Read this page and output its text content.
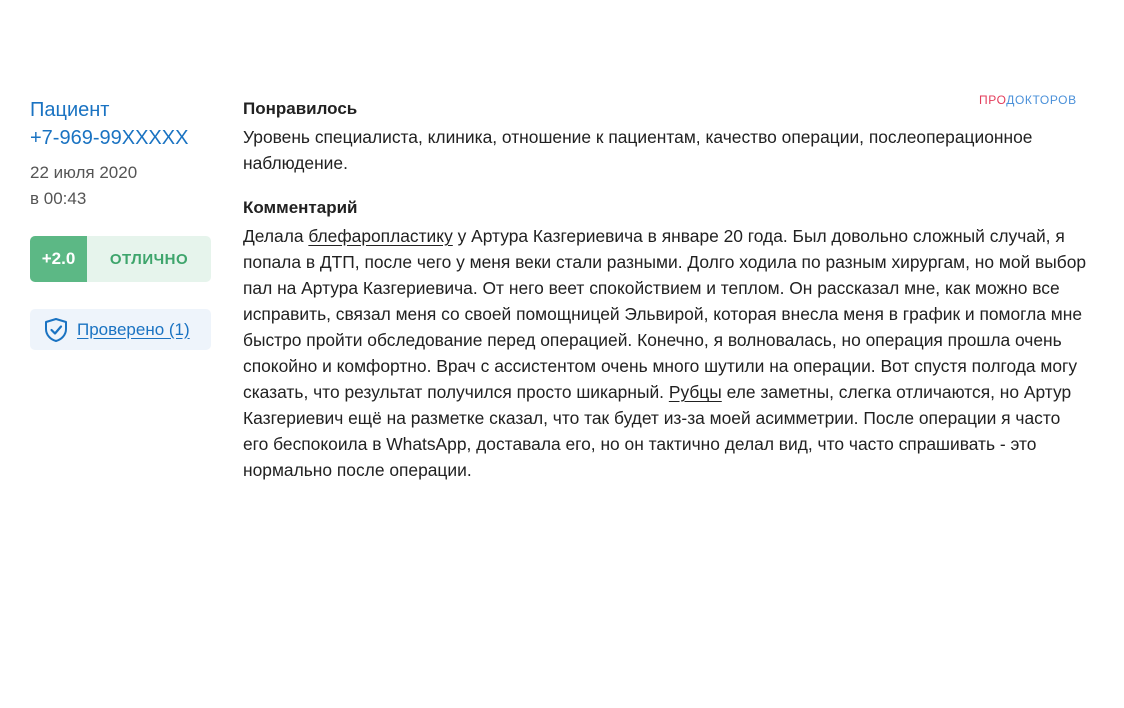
Пациент
+7-969-99XXXXX
22 июля 2020
в 00:43
+2.0	ОТЛИЧНО
Проверено (1)
ПРОДОКТОРОВ
Понравилось

Уровень специалиста, клиника, отношение к пациентам, качество операции, послеоперационное наблюдение.

Комментарий

Делала блефаропластику у Артура Казгериевича в январе 20 года. Был довольно сложный случай, я попала в ДТП, после чего у меня веки стали разными. Долго ходила по разным хирургам, но мой выбор пал на Артура Казгериевича. От него веет спокойствием и теплом. Он рассказал мне, как можно все исправить, связал меня со своей помощницей Эльвирой, которая внесла меня в график и помогла мне быстро пройти обследование перед операцией. Конечно, я волновалась, но операция прошла очень спокойно и комфортно. Врач с ассистентом очень много шутили на операции. Вот спустя полгода могу сказать, что результат получился просто шикарный. Рубцы еле заметны, слегка отличаются, но Артур Казгериевич ещё на разметке сказал, что так будет из-за моей асимметрии. После операции я часто его беспокоила в WhatsApp, доставала его, но он тактично делал вид, что часто спрашивать - это нормально после операции.
